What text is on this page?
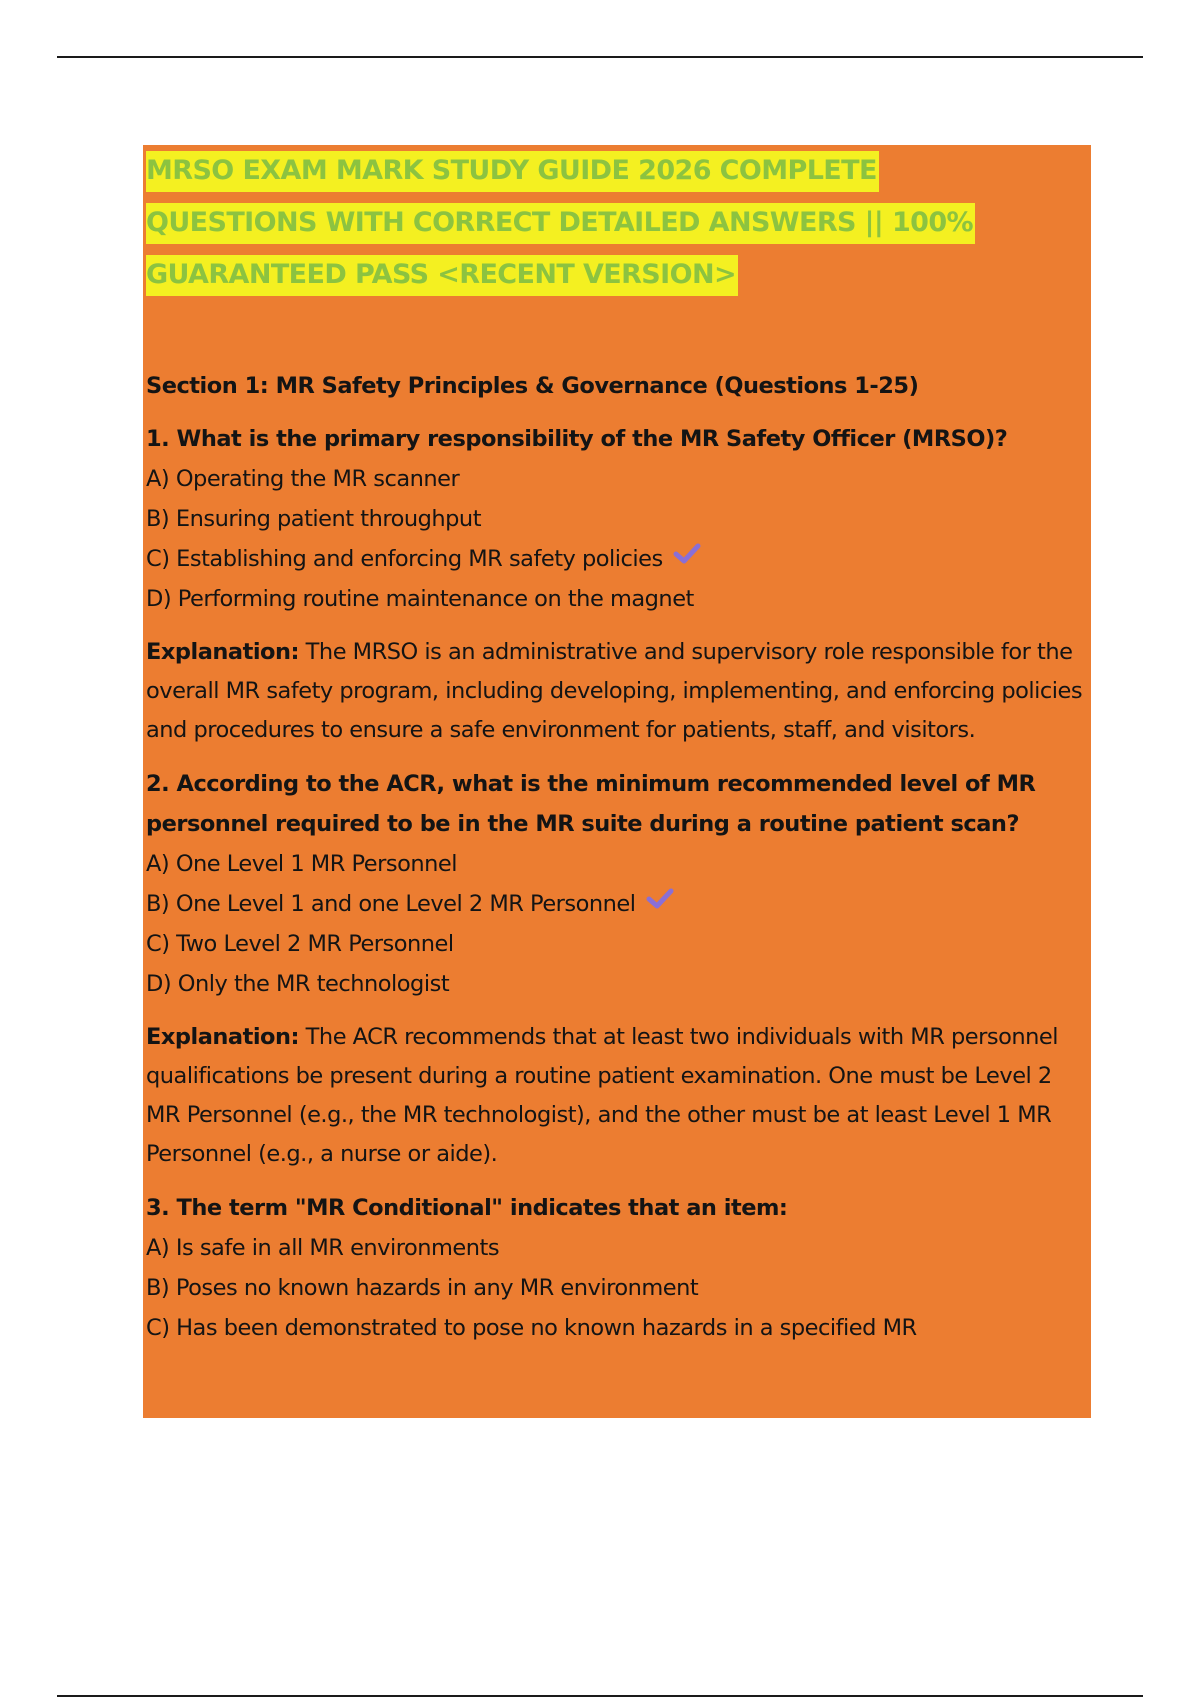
MRSO EXAM MARK STUDY GUIDE 2026 COMPLETE
QUESTIONS WITH CORRECT DETAILED ANSWERS || 100%
GUARANTEED PASS <RECENT VERSION>

Section 1: MR Safety Principles & Governance (Questions 1-25)

1. What is the primary responsibility of the MR Safety Officer (MRSO)?

A) Operating the MR scanner

B) Ensuring patient throughput

C) Establishing and enforcing MR safety policies

D) Performing routine maintenance on the magnet

Explanation: The MRSO is an administrative and supervisory role responsible for the overall MR safety program, including developing, implementing, and enforcing policies and procedures to ensure a safe environment for patients, staff, and visitors.

2. According to the ACR, what is the minimum recommended level of MR personnel required to be in the MR suite during a routine patient scan?

A) One Level 1 MR Personnel

B) One Level 1 and one Level 2 MR Personnel

C) Two Level 2 MR Personnel

D) Only the MR technologist

Explanation: The ACR recommends that at least two individuals with MR personnel qualifications be present during a routine patient examination. One must be Level 2 MR Personnel (e.g., the MR technologist), and the other must be at least Level 1 MR Personnel (e.g., a nurse or aide).

3. The term "MR Conditional" indicates that an item:

A) Is safe in all MR environments

B) Poses no known hazards in any MR environment

C) Has been demonstrated to pose no known hazards in a specified MR
